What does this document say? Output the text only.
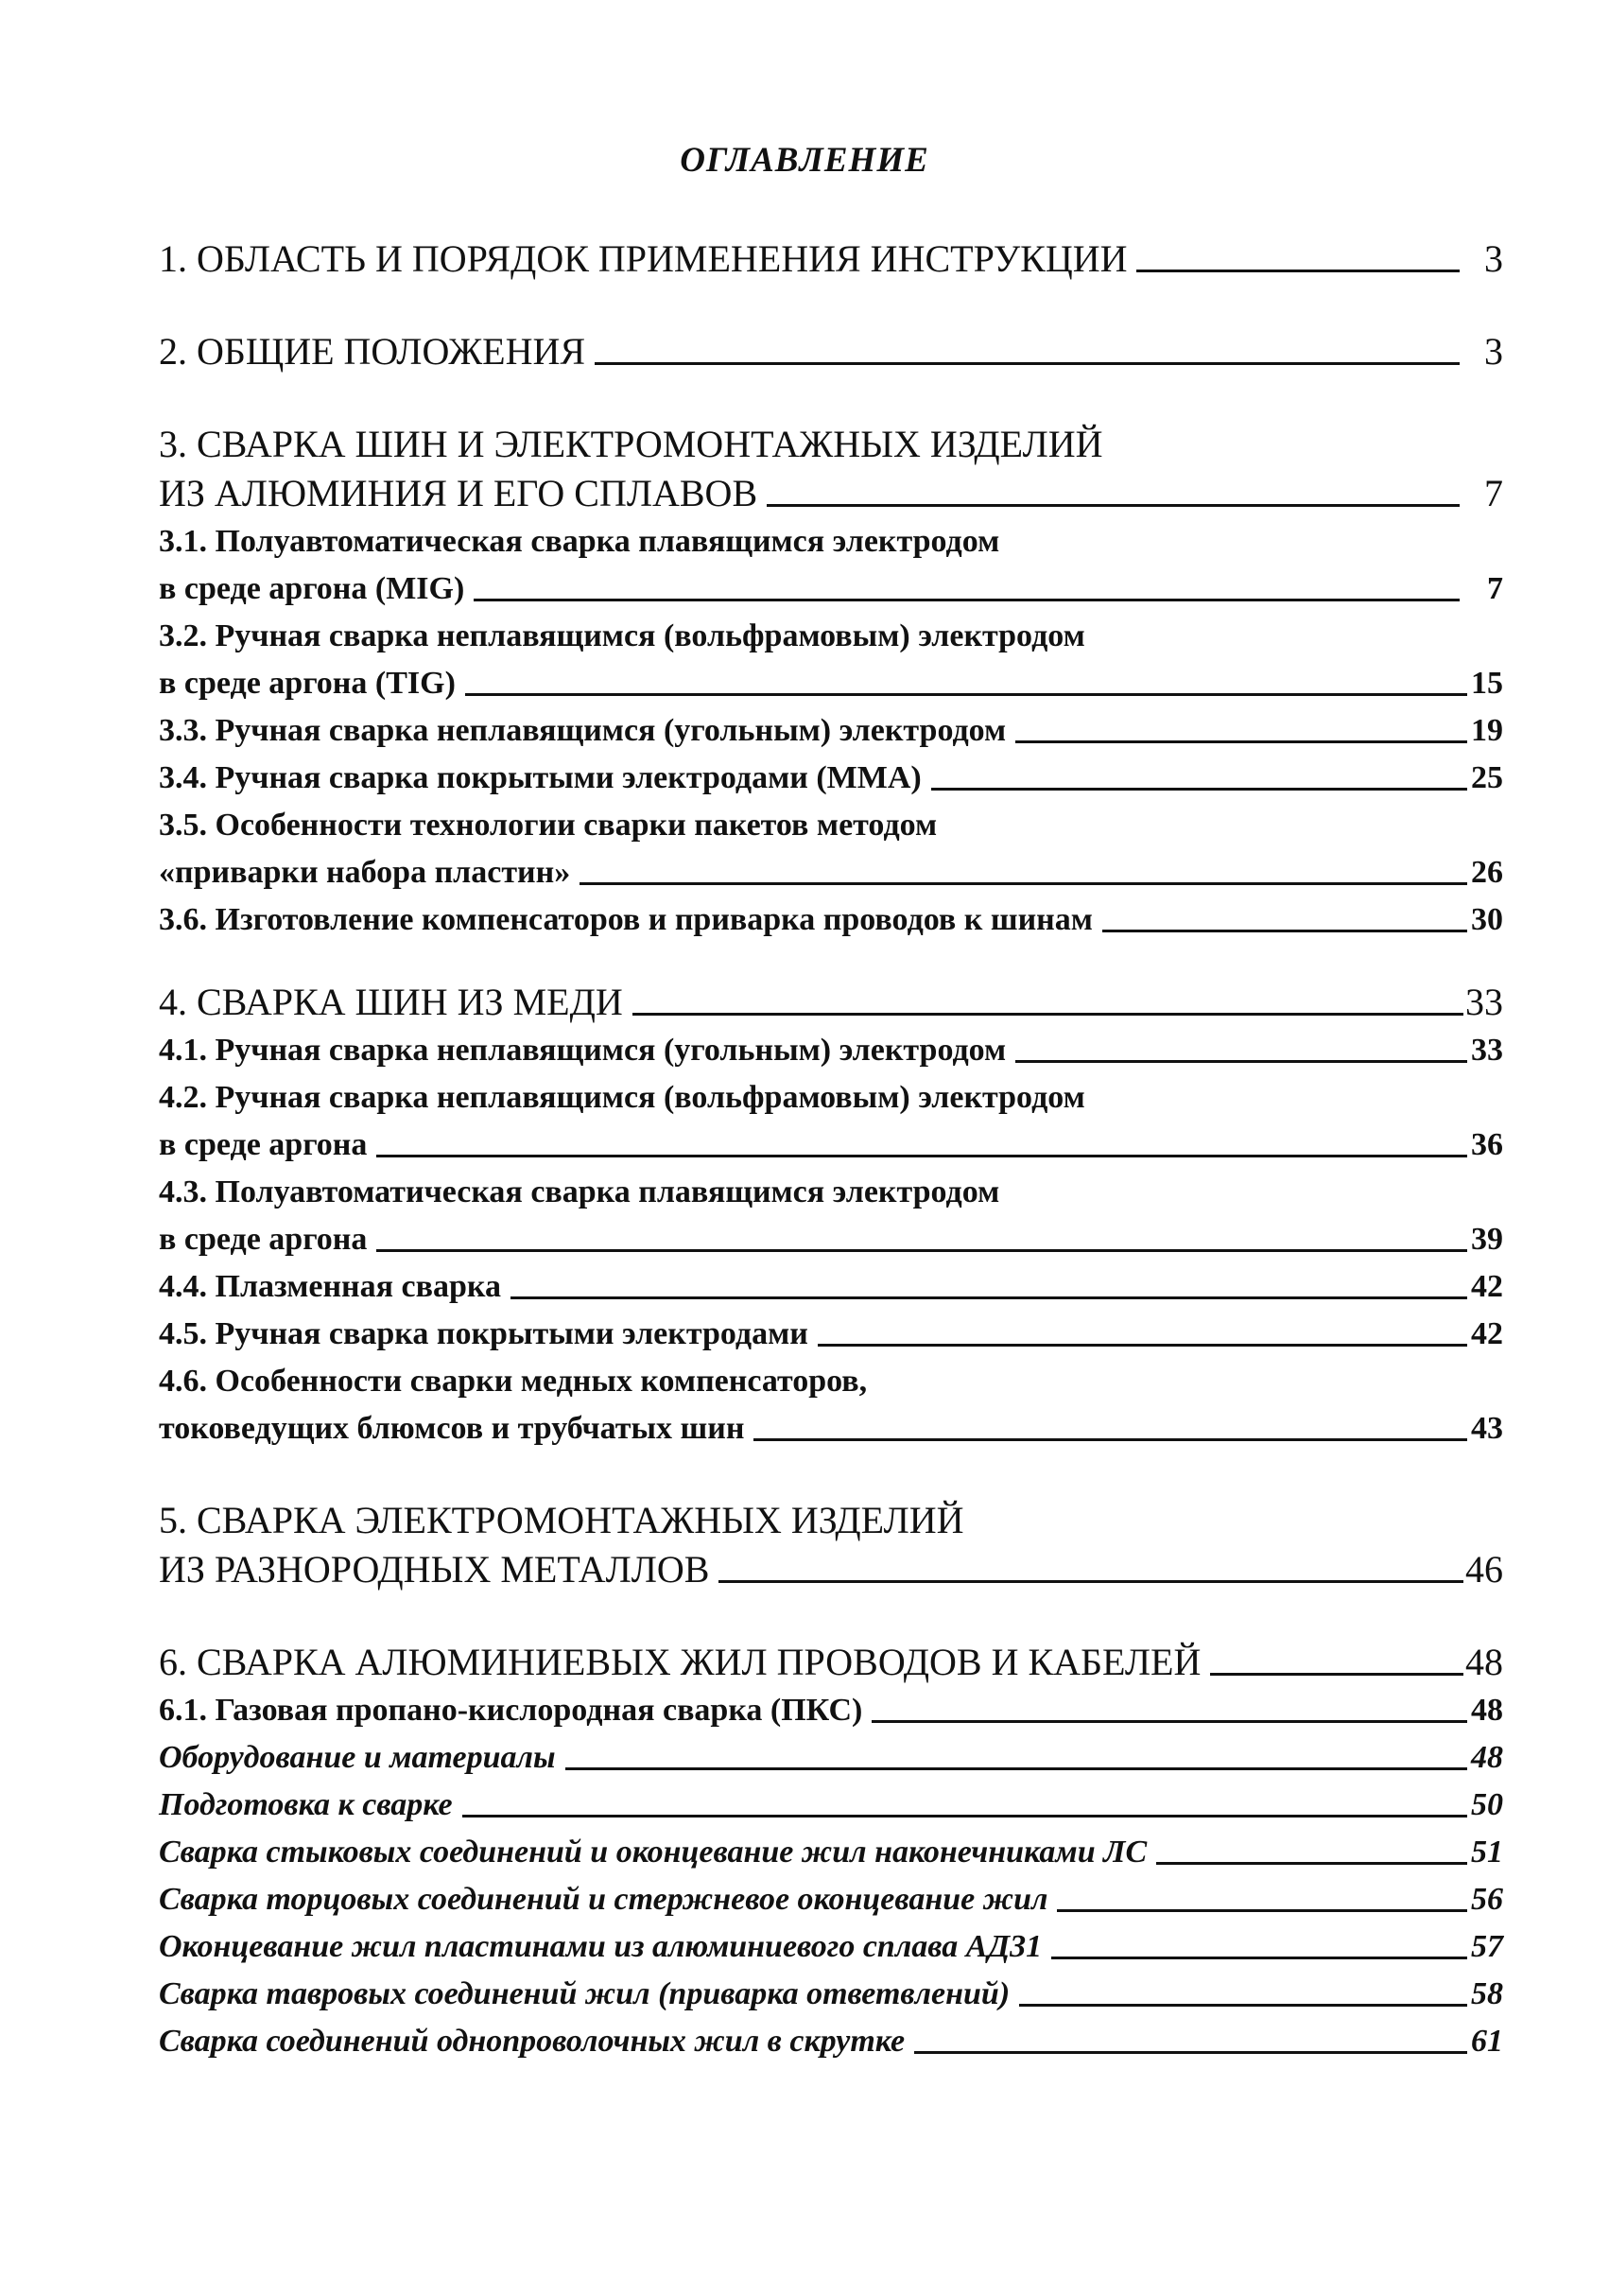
ОГЛАВЛЕНИЕ
1. ОБЛАСТЬ И ПОРЯДОК ПРИМЕНЕНИЯ ИНСТРУКЦИИ	3
2. ОБЩИЕ ПОЛОЖЕНИЯ	3
3. СВАРКА ШИН И ЭЛЕКТРОМОНТАЖНЫХ ИЗДЕЛИЙ
ИЗ АЛЮМИНИЯ И ЕГО СПЛАВОВ	7
3.1. Полуавтоматическая сварка плавящимся электродом
в среде аргона (MIG)	7
3.2. Ручная сварка неплавящимся (вольфрамовым) электродом
в среде аргона (TIG)	15
3.3. Ручная сварка неплавящимся (угольным) электродом	19
3.4. Ручная сварка покрытыми электродами (ММА)	25
3.5. Особенности технологии сварки пакетов методом
«приварки набора пластин»	26
3.6. Изготовление компенсаторов и приварка проводов к шинам	30
4. СВАРКА ШИН ИЗ МЕДИ	33
4.1. Ручная сварка неплавящимся (угольным) электродом	33
4.2. Ручная сварка неплавящимся (вольфрамовым) электродом
в среде аргона	36
4.3. Полуавтоматическая сварка плавящимся электродом
в среде аргона	39
4.4. Плазменная сварка	42
4.5. Ручная сварка покрытыми электродами	42
4.6. Особенности сварки медных компенсаторов,
токоведущих блюмсов и трубчатых шин	43
5. СВАРКА ЭЛЕКТРОМОНТАЖНЫХ ИЗДЕЛИЙ
ИЗ РАЗНОРОДНЫХ МЕТАЛЛОВ	46
6. СВАРКА АЛЮМИНИЕВЫХ ЖИЛ ПРОВОДОВ И КАБЕЛЕЙ	48
6.1. Газовая пропано-кислородная сварка (ПКС)	48
Оборудование и материалы	48
Подготовка к сварке	50
Сварка стыковых соединений и оконцевание жил наконечниками ЛС	51
Сварка торцовых соединений и стержневое оконцевание жил	56
Оконцевание жил пластинами из алюминиевого сплава АД31	57
Сварка тавровых соединений жил (приварка ответвлений)	58
Сварка соединений однопроволочных жил в скрутке	61
